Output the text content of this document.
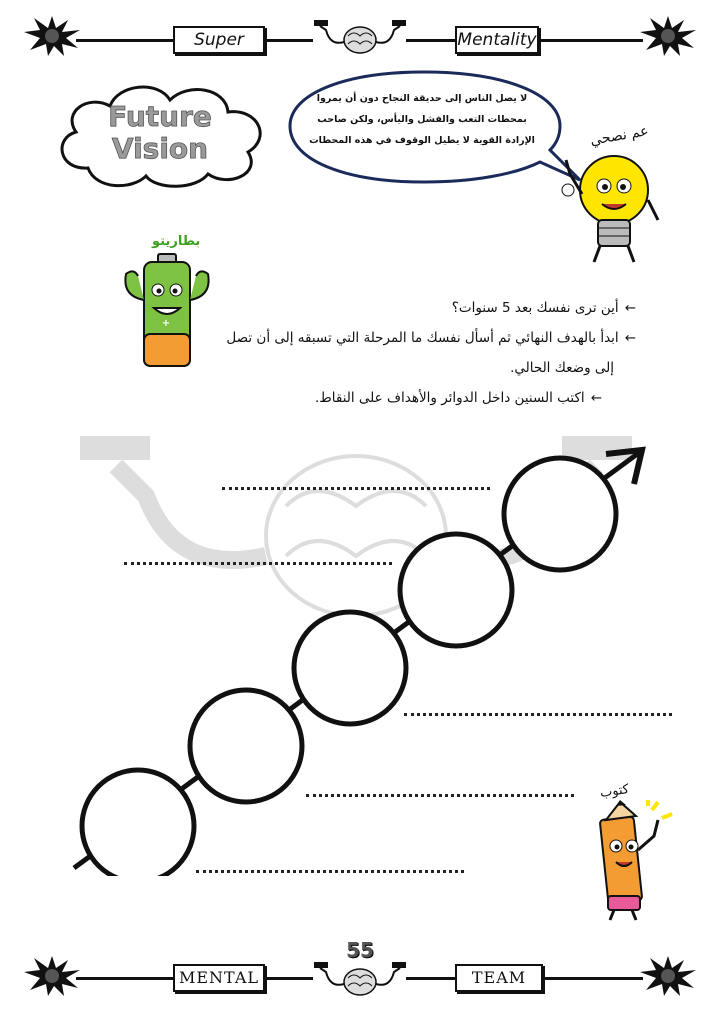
Super	Mentality
Future
Vision
لا يصل الناس إلى حديقة النجاح دون أن يمروا بمحطات التعب والفشل واليأس، ولكن صاحب الإرادة القوية لا يطيل الوقوف في هذه المحطات	عم نصحي
بطاريتو
+
←أين ترى نفسك بعد 5 سنوات؟
←ابدأ بالهدف النهائي ثم أسأل نفسك ما المرحلة التي تسبقه إلى أن تصل
إلى وضعك الحالي.
←اكتب السنين داخل الدوائر والأهداف على النقاط.
كتوب
MENTAL
55
TEAM
